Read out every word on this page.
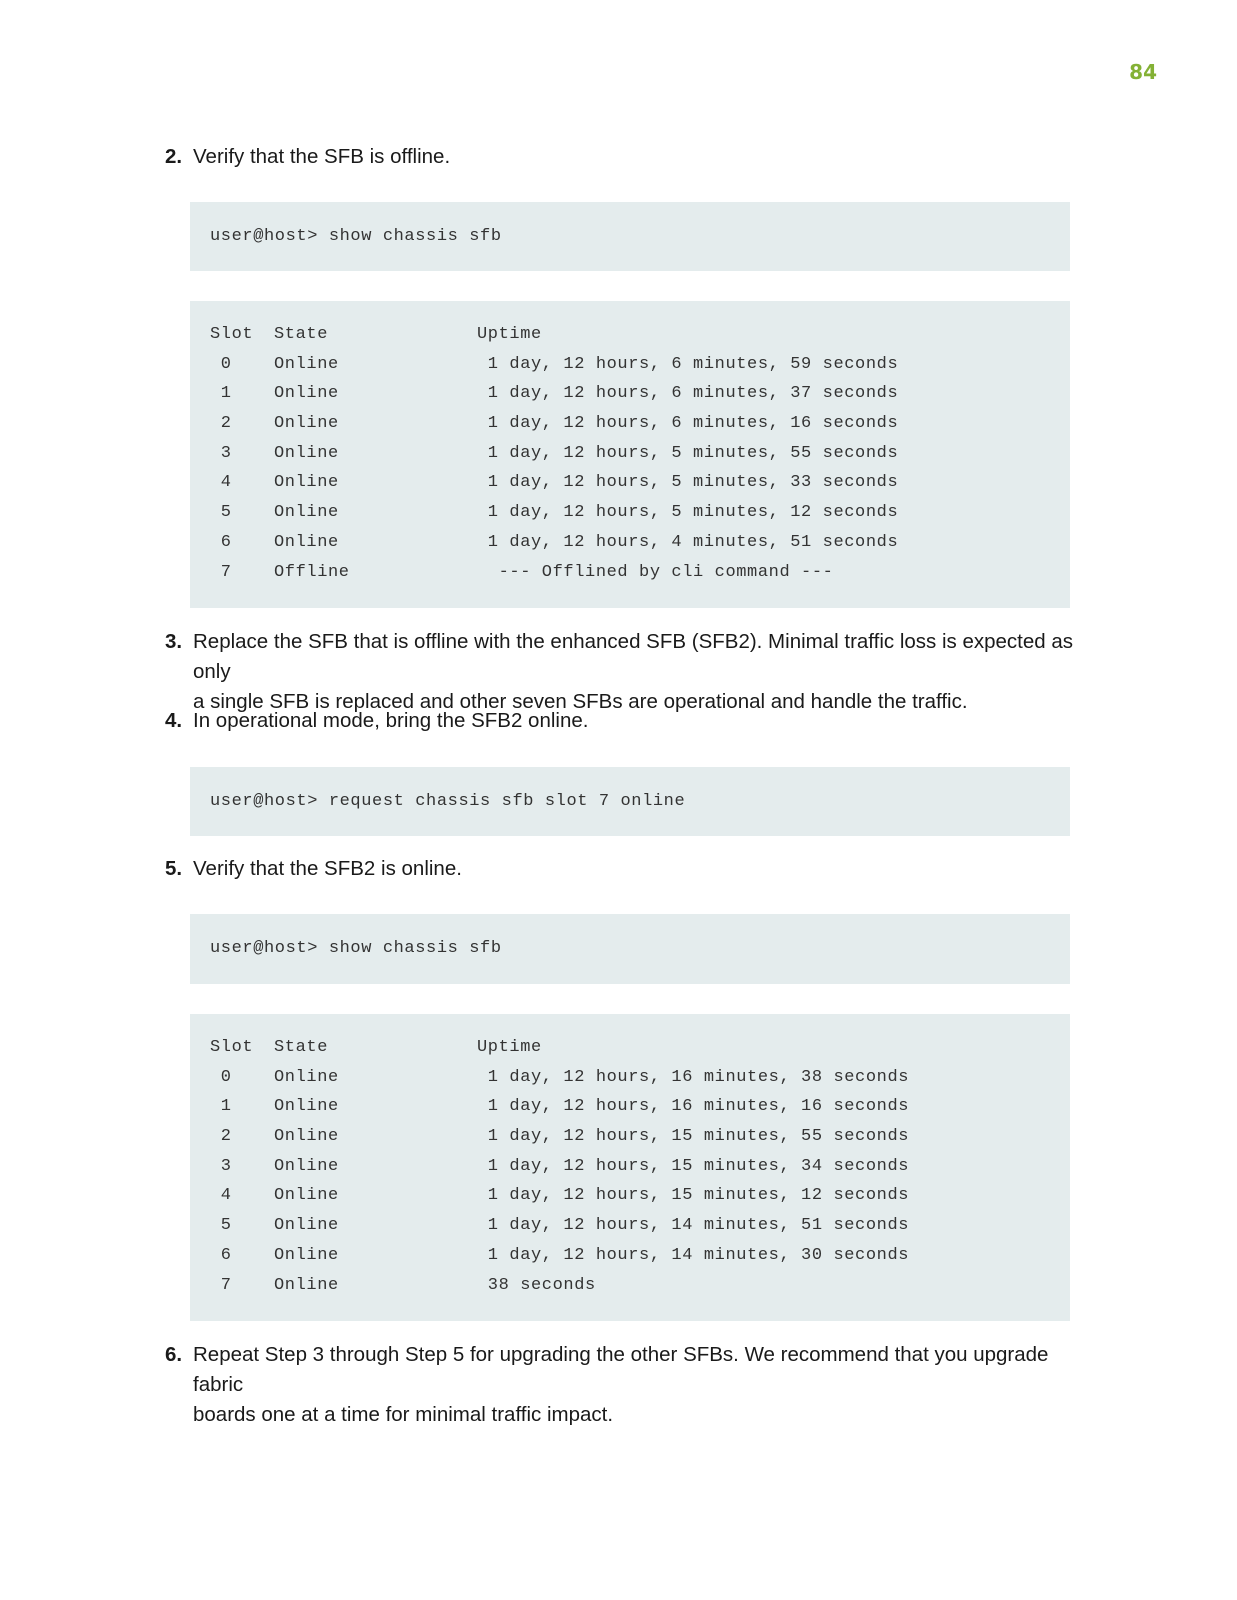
84
2. Verify that the SFB is offline.
user@host> show chassis sfb
Slot	State	Uptime
0	Online	1 day, 12 hours, 6 minutes, 59 seconds
1	Online	1 day, 12 hours, 6 minutes, 37 seconds
2	Online	1 day, 12 hours, 6 minutes, 16 seconds
3	Online	1 day, 12 hours, 5 minutes, 55 seconds
4	Online	1 day, 12 hours, 5 minutes, 33 seconds
5	Online	1 day, 12 hours, 5 minutes, 12 seconds
6	Online	1 day, 12 hours, 4 minutes, 51 seconds
7	Offline	--- Offlined by cli command ---
3. Replace the SFB that is offline with the enhanced SFB (SFB2). Minimal traffic loss is expected as only
a single SFB is replaced and other seven SFBs are operational and handle the traffic.
4. In operational mode, bring the SFB2 online.
user@host> request chassis sfb slot 7 online
5. Verify that the SFB2 is online.
user@host> show chassis sfb
Slot	State	Uptime
0	Online	1 day, 12 hours, 16 minutes, 38 seconds
1	Online	1 day, 12 hours, 16 minutes, 16 seconds
2	Online	1 day, 12 hours, 15 minutes, 55 seconds
3	Online	1 day, 12 hours, 15 minutes, 34 seconds
4	Online	1 day, 12 hours, 15 minutes, 12 seconds
5	Online	1 day, 12 hours, 14 minutes, 51 seconds
6	Online	1 day, 12 hours, 14 minutes, 30 seconds
7	Online	38 seconds
6. Repeat Step 3 through Step 5 for upgrading the other SFBs. We recommend that you upgrade fabric
boards one at a time for minimal traffic impact.
